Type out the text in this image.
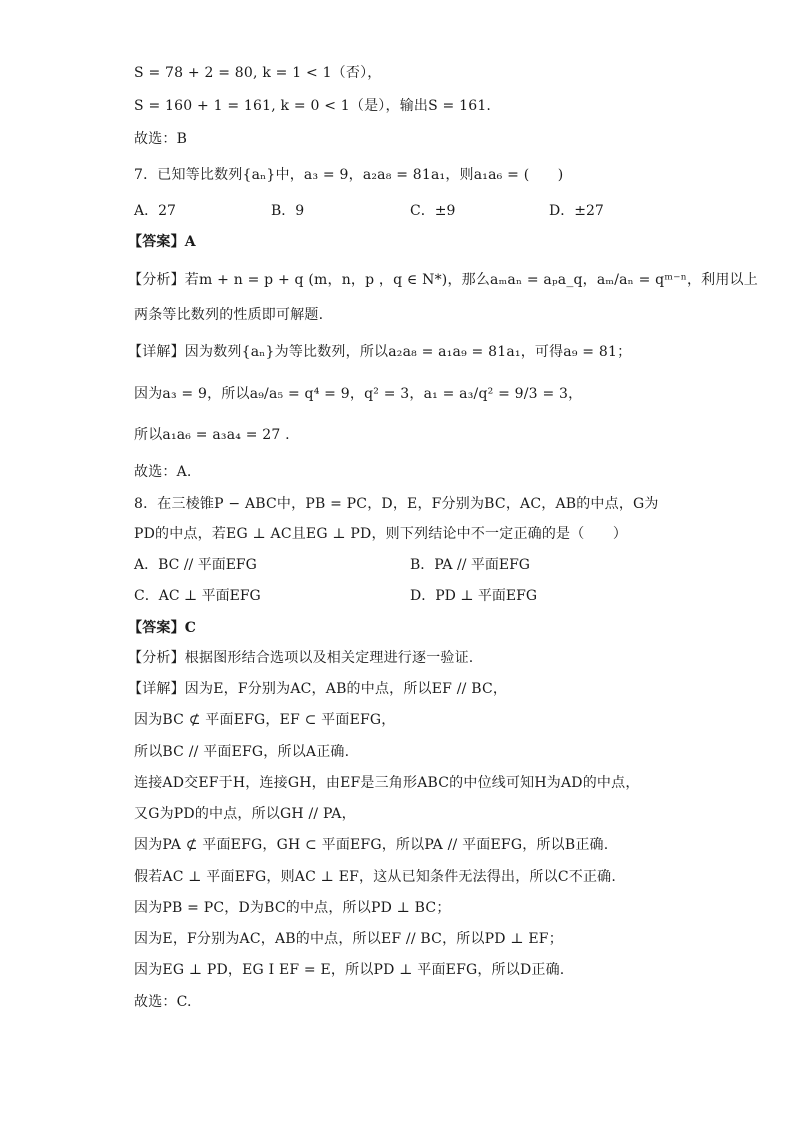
S = 78 + 2 = 80, k = 1 < 1（否），
S = 160 + 1 = 161, k = 0 < 1（是），输出S = 161.
故选：B
7．已知等比数列{aₙ}中，a₃ = 9，a₂a₈ = 81a₁，则a₁a₆ = (　　)
A．27	B．9	C．±9	D．±27
【答案】A
【分析】若m + n = p + q (m，n，p ，q ∈ N*)，那么aₘaₙ = aₚa_q，aₘ/aₙ = qᵐ⁻ⁿ，利用以上
两条等比数列的性质即可解题.
【详解】因为数列{aₙ}为等比数列，所以a₂a₈ = a₁a₉ = 81a₁，可得a₉ = 81；
因为a₃ = 9，所以a₉/a₅ = q⁴ = 9，q² = 3，a₁ = a₃/q² = 9/3 = 3，
所以a₁a₆ = a₃a₄ = 27 .
故选：A.
8．在三棱锥P − ABC中，PB = PC，D，E，F分别为BC，AC，AB的中点，G为
PD的中点，若EG ⊥ AC且EG ⊥ PD，则下列结论中不一定正确的是（　　）
A．BC // 平面EFG	B．PA // 平面EFG
C．AC ⊥ 平面EFG	D．PD ⊥ 平面EFG
【答案】C
【分析】根据图形结合选项以及相关定理进行逐一验证.
【详解】因为E，F分别为AC，AB的中点，所以EF // BC，
因为BC ⊄ 平面EFG，EF ⊂ 平面EFG，
所以BC // 平面EFG，所以A正确.
连接AD交EF于H，连接GH，由EF是三角形ABC的中位线可知H为AD的中点，
又G为PD的中点，所以GH // PA，
因为PA ⊄ 平面EFG，GH ⊂ 平面EFG，所以PA // 平面EFG，所以B正确.
假若AC ⊥ 平面EFG，则AC ⊥ EF，这从已知条件无法得出，所以C不正确.
因为PB = PC，D为BC的中点，所以PD ⊥ BC；
因为E，F分别为AC，AB的中点，所以EF // BC，所以PD ⊥ EF；
因为EG ⊥ PD，EG I EF = E，所以PD ⊥ 平面EFG，所以D正确.
故选：C.
